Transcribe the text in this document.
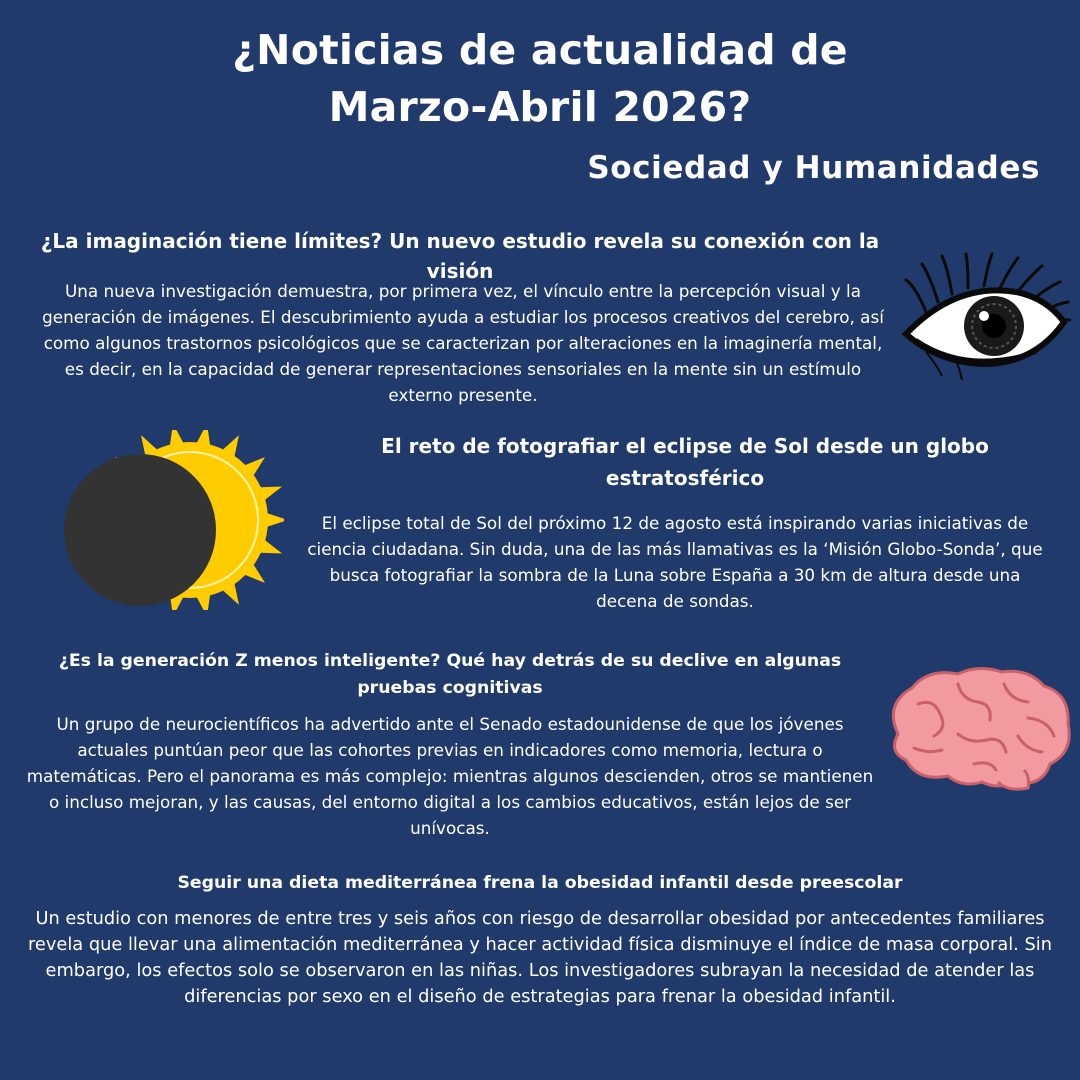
¿Noticias de actualidad de
Marzo-Abril 2026?
Sociedad y Humanidades
¿La imaginación tiene límites? Un nuevo estudio revela su conexión con la visión
Una nueva investigación demuestra, por primera vez, el vínculo entre la percepción visual y la generación de imágenes. El descubrimiento ayuda a estudiar los procesos creativos del cerebro, así como algunos trastornos psicológicos que se caracterizan por alteraciones en la imaginería mental, es decir, en la capacidad de generar representaciones sensoriales en la mente sin un estímulo externo presente.
El reto de fotografiar el eclipse de Sol desde un globo estratosférico
El eclipse total de Sol del próximo 12 de agosto está inspirando varias iniciativas de ciencia ciudadana. Sin duda, una de las más llamativas es la ‘Misión Globo-Sonda’, que busca fotografiar la sombra de la Luna sobre España a 30 km de altura desde una decena de sondas.
¿Es la generación Z menos inteligente? Qué hay detrás de su declive en algunas pruebas cognitivas
Un grupo de neurocientíficos ha advertido ante el Senado estadounidense de que los jóvenes actuales puntúan peor que las cohortes previas en indicadores como memoria, lectura o matemáticas. Pero el panorama es más complejo: mientras algunos descienden, otros se mantienen o incluso mejoran, y las causas, del entorno digital a los cambios educativos, están lejos de ser unívocas.
Seguir una dieta mediterránea frena la obesidad infantil desde preescolar
Un estudio con menores de entre tres y seis años con riesgo de desarrollar obesidad por antecedentes familiares revela que llevar una alimentación mediterránea y hacer actividad física disminuye el índice de masa corporal. Sin embargo, los efectos solo se observaron en las niñas. Los investigadores subrayan la necesidad de atender las diferencias por sexo en el diseño de estrategias para frenar la obesidad infantil.
